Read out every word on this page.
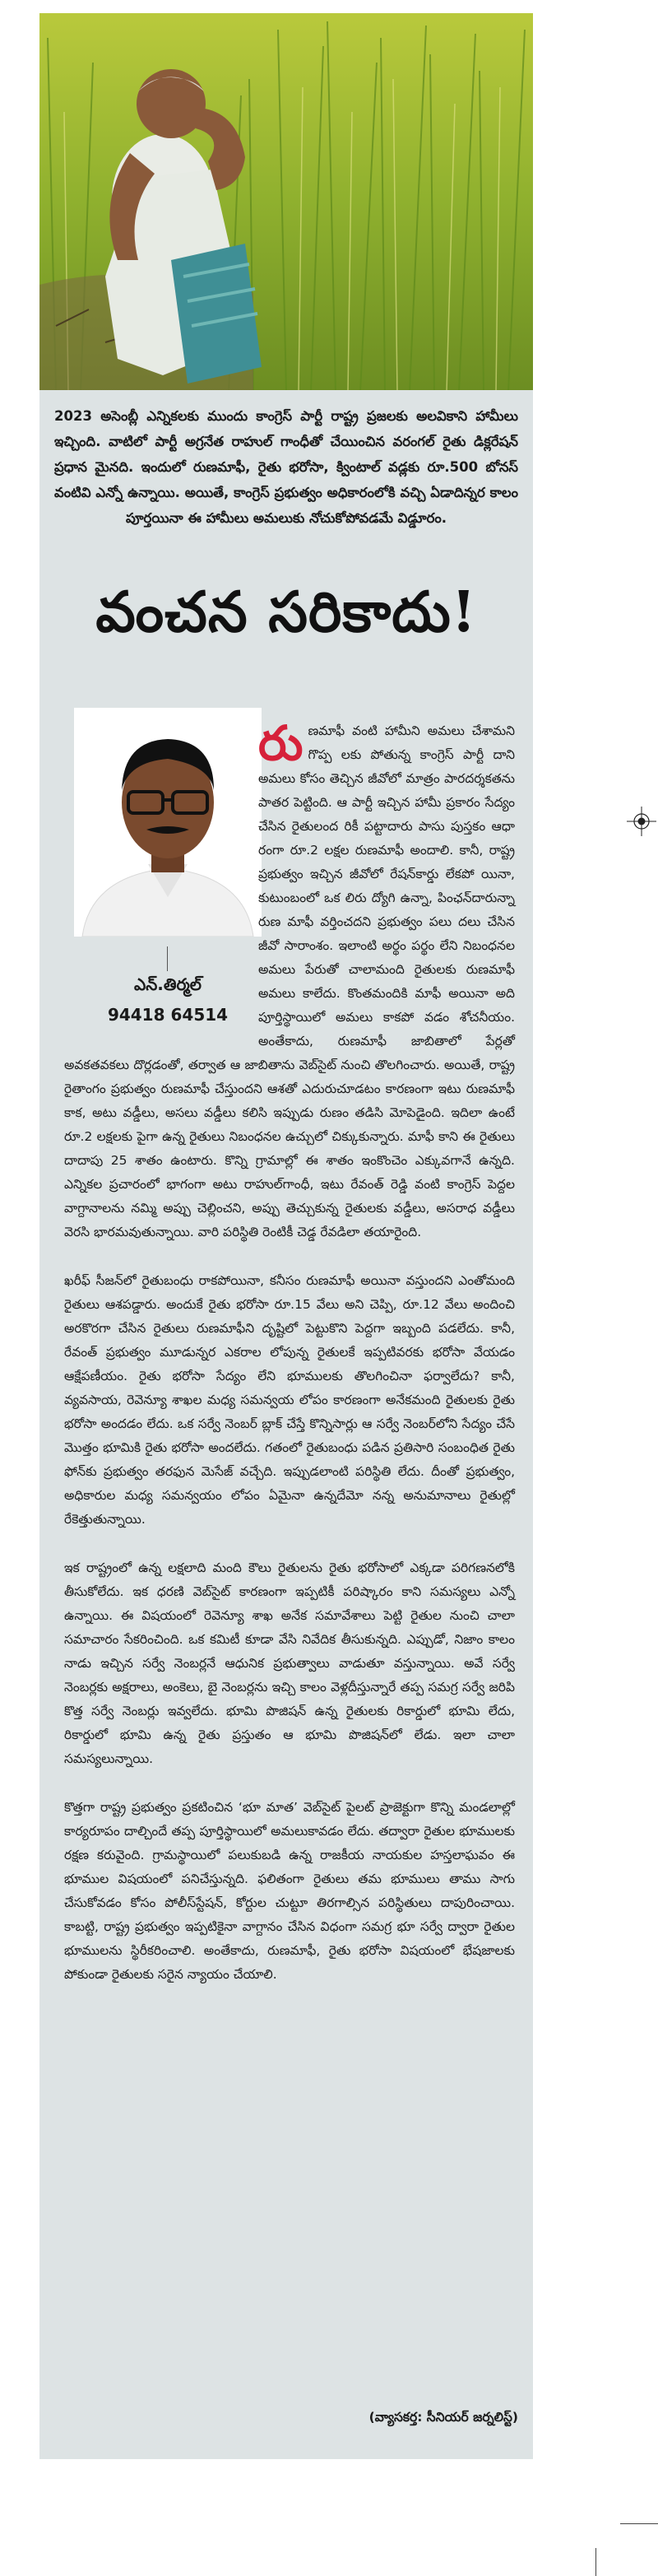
2023 అసెంబ్లీ ఎన్నికలకు ముందు కాంగ్రెస్ పార్టీ రాష్ట్ర ప్రజలకు అలవికాని హామీలు ఇచ్చింది. వాటిలో పార్టీ అగ్రనేత రాహుల్ గాంధీతో చేయించిన వరంగల్ రైతు డిక్లరేషన్ ప్రధాన మైనది. ఇందులో రుణమాఫీ, రైతు భరోసా, క్వింటాల్ వడ్లకు రూ.500 బోనస్ వంటివి ఎన్నో ఉన్నాయి. అయితే, కాంగ్రెస్ ప్రభుత్వం అధికారంలోకి వచ్చి ఏడాదిన్నర కాలం పూర్తయినా ఈ హామీలు అమలుకు నోచుకోపోవడమే విడ్డూరం.

వంచన సరికాదు!

ఎన్.తిర్మల్

94418 64514

రుణమాఫీ వంటి హామీని అమలు చేశామని గొప్ప లకు పోతున్న కాంగ్రెస్ పార్టీ దాని అమలు కోసం తెచ్చిన జీవోలో మాత్రం పారదర్శకతను పాతర పెట్టింది. ఆ పార్టీ ఇచ్చిన హామీ ప్రకారం సేద్యం చేసిన రైతులంద రికీ పట్టాదారు పాసు పుస్తకం ఆధా రంగా రూ.2 లక్షల రుణమాఫీ అందాలి. కానీ, రాష్ట్ర ప్రభుత్వం ఇచ్చిన జీవోలో రేషన్‌కార్డు లేకపో యినా, కుటుంబంలో ఒక లిరు ద్యోగి ఉన్నా, పింఛన్‌దారున్నా రుణ మాఫీ వర్తించదని ప్రభుత్వం పలు దలు చేసిన జీవో సారాంశం. ఇలాంటి అర్థం పర్థం లేని నిబంధనల అమలు పేరుతో చాలామంది రైతులకు రుణమాఫీ అమలు కాలేదు. కొంతమందికి మాఫీ అయినా అది పూర్తిస్థాయిలో అమలు కాకపో వడం శోచనీయం. అంతేకాదు, రుణమాఫీ జాబితాలో పేర్లతో అవకతవకలు దొర్లడంతో, తర్వాత ఆ జాబితాను వెబ్‌సైట్ నుంచి తొలగించారు. అయితే, రాష్ట్ర రైతాంగం ప్రభుత్వం రుణమాఫీ చేస్తుందని ఆశతో ఎదురుచూడటం కారణంగా ఇటు రుణమాఫీ కాక, అటు వడ్డీలు, అసలు వడ్డీలు కలిసి ఇప్పుడు రుణం తడిసి మోపెడైంది. ఇదిలా ఉంటే రూ.2 లక్షలకు పైగా ఉన్న రైతులు నిబంధనల ఉచ్చులో చిక్కుకున్నారు. మాఫీ కాని ఈ రైతులు దాదాపు 25 శాతం ఉంటారు. కొన్ని గ్రామాల్లో ఈ శాతం ఇంకొంచెం ఎక్కువగానే ఉన్నది. ఎన్నికల ప్రచారంలో భాగంగా అటు రాహుల్‌గాంధీ, ఇటు రేవంత్ రెడ్డి వంటి కాంగ్రెస్ పెద్దల వాగ్దానాలను నమ్మి అప్పు చెల్లించని, అప్పు తెచ్చుకున్న రైతులకు వడ్డీలు, అసరాధ వడ్డీలు వెరసి భారమవుతున్నాయి. వారి పరిస్థితి రెంటికీ చెడ్డ రేవడిలా తయారైంది.

ఖరీఫ్ సీజన్‌లో రైతుబంధు రాకపోయినా, కనీసం రుణమాఫీ అయినా వస్తుందని ఎంతోమంది రైతులు ఆశపడ్డారు. అందుకే రైతు భరోసా రూ.15 వేలు అని చెప్పి, రూ.12 వేలు అందించి అరకొరగా చేసిన రైతులు రుణమాఫీని దృష్టిలో పెట్టుకొని పెద్దగా ఇబ్బంది పడలేదు. కానీ, రేవంత్ ప్రభుత్వం మూడున్నర ఎకరాల లోపున్న రైతులకే ఇప్పటివరకు భరోసా వేయడం ఆక్షేపణీయం. రైతు భరోసా సేద్యం లేని భూములకు తొలగించినా ఫర్వాలేదు? కానీ, వ్యవసాయ, రెవెన్యూ శాఖల మధ్య సమన్వయ లోపం కారణంగా అనేకమంది రైతులకు రైతు భరోసా అందడం లేదు. ఒక సర్వే నెంబర్ బ్లాక్ చేస్తే కొన్నిసార్లు ఆ సర్వే నెంబర్‌లోని సేద్యం చేసే మొత్తం భూమికి రైతు భరోసా అందలేదు. గతంలో రైతుబంధు పడిన ప్రతిసారి సంబంధిత రైతు ఫోన్‌కు ప్రభుత్వం తరఫున మెసేజ్ వచ్చేది. ఇప్పుడలాంటి పరిస్థితి లేదు. దీంతో ప్రభుత్వం, అధికారుల మధ్య సమన్వయం లోపం ఏమైనా ఉన్నదేమో నన్న అనుమానాలు రైతుల్లో రేకెత్తుతున్నాయి.

ఇక రాష్ట్రంలో ఉన్న లక్షలాది మంది కౌలు రైతులను రైతు భరోసాలో ఎక్కడా పరిగణనలోకి తీసుకోలేదు. ఇక ధరణి వెబ్‌సైట్ కారణంగా ఇప్పటికీ పరిష్కారం కాని సమస్యలు ఎన్నో ఉన్నాయి. ఈ విషయంలో రెవెన్యూ శాఖ అనేక సమావేశాలు పెట్టి రైతుల నుంచి చాలా సమాచారం సేకరించింది. ఒక కమిటీ కూడా వేసి నివేదిక తీసుకున్నది. ఎప్పుడో, నిజాం కాలం నాడు ఇచ్చిన సర్వే నెంబర్లనే ఆధునిక ప్రభుత్వాలు వాడుతూ వస్తున్నాయి. అవే సర్వే నెంబర్లకు అక్షరాలు, అంకెలు, బై నెంబర్లను ఇచ్చి కాలం వెళ్లదీస్తున్నారే తప్ప సమగ్ర సర్వే జరిపి కొత్త సర్వే నెంబర్లు ఇవ్వలేదు. భూమి పొజిషన్ ఉన్న రైతులకు రికార్డులో భూమి లేదు, రికార్డులో భూమి ఉన్న రైతు ప్రస్తుతం ఆ భూమి పొజిషన్‌లో లేడు. ఇలా చాలా సమస్యలున్నాయి.

కొత్తగా రాష్ట్ర ప్రభుత్వం ప్రకటించిన ‘భూ మాత’ వెబ్‌సైట్ పైలట్ ప్రాజెక్టుగా కొన్ని మండలాల్లో కార్యరూపం దాల్చిందే తప్ప పూర్తిస్థాయిలో అమలుకావడం లేదు. తద్వారా రైతుల భూములకు రక్షణ కరువైంది. గ్రామస్థాయిలో పలుకుబడి ఉన్న రాజకీయ నాయకుల హస్తలాఘవం ఈ భూముల విషయంలో పనిచేస్తున్నది. ఫలితంగా రైతులు తమ భూములు తాము సాగు చేసుకోవడం కోసం పోలీస్‌స్టేషన్, కోర్టుల చుట్టూ తిరగాల్సిన పరిస్థితులు దాపురించాయి. కాబట్టి, రాష్ట్ర ప్రభుత్వం ఇప్పటికైనా వాగ్దానం చేసిన విధంగా సమగ్ర భూ సర్వే ద్వారా రైతుల భూములను స్థిరీకరించాలి. అంతేకాదు, రుణమాఫీ, రైతు భరోసా విషయంలో భేషజాలకు పోకుండా రైతులకు సరైన న్యాయం చేయాలి.

(వ్యాసకర్త: సీనియర్ జర్నలిస్ట్)
